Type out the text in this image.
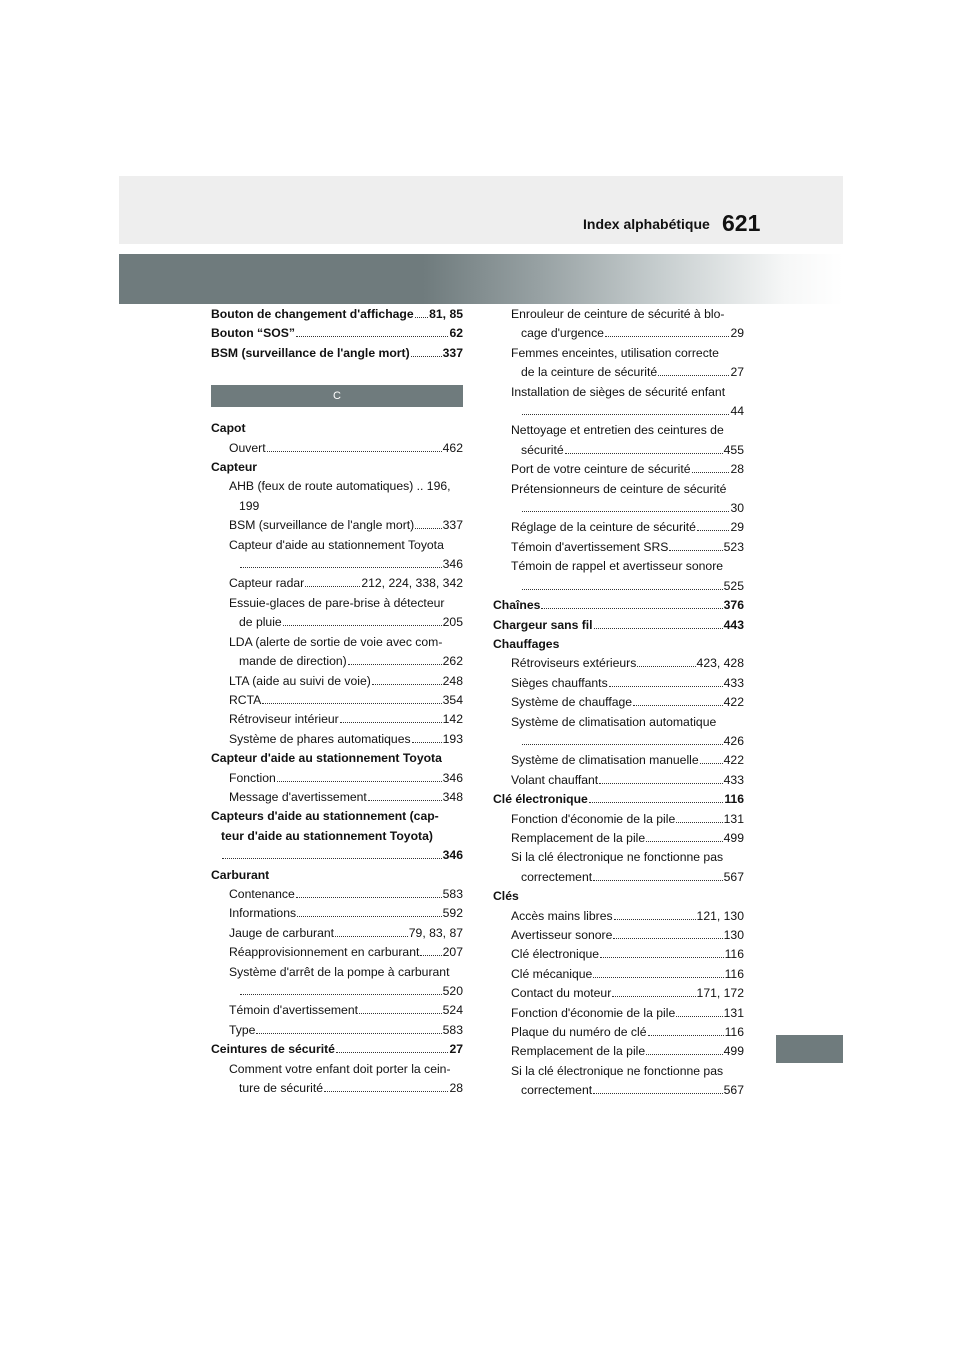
Index alphabétique 621
Bouton de changement d'affichage 81, 85
Bouton “SOS”	62
BSM (surveillance de l'angle mort)	337
C
Capot
Ouvert	462
Capteur
AHB (feux de route automatiques) .. 196,
199
BSM (surveillance de l'angle mort) 337
Capteur d'aide au stationnement Toyota
346
Capteur radar	212, 224, 338, 342
Essuie-glaces de pare-brise à détecteur
de pluie	205
LDA (alerte de sortie de voie avec com-
mande de direction)	262
LTA (aide au suivi de voie)	248
RCTA	354
Rétroviseur intérieur	142
Système de phares automatiques	193
Capteur d'aide au stationnement Toyota
Fonction	346
Message d'avertissement	348
Capteurs d'aide au stationnement (cap-
teur d'aide au stationnement Toyota)
346
Carburant
Contenance	583
Informations	592
Jauge de carburant	79, 83, 87
Réapprovisionnement en carburant 207
Système d'arrêt de la pompe à carburant
520
Témoin d'avertissement	524
Type	583
Ceintures de sécurité	27
Comment votre enfant doit porter la cein-
ture de sécurité	28
Enrouleur de ceinture de sécurité à blo-
cage d'urgence	29
Femmes enceintes, utilisation correcte
de la ceinture de sécurité	27
Installation de sièges de sécurité enfant
44
Nettoyage et entretien des ceintures de
sécurité	455
Port de votre ceinture de sécurité	28
Prétensionneurs de ceinture de sécurité
30
Réglage de la ceinture de sécurité	29
Témoin d'avertissement SRS	523
Témoin de rappel et avertisseur sonore
525
Chaînes	376
Chargeur sans fil	443
Chauffages
Rétroviseurs extérieurs	423, 428
Sièges chauffants	433
Système de chauffage	422
Système de climatisation automatique
426
Système de climatisation manuelle 422
Volant chauffant	433
Clé électronique	116
Fonction d'économie de la pile	131
Remplacement de la pile	499
Si la clé électronique ne fonctionne pas
correctement	567
Clés
Accès mains libres	121, 130
Avertisseur sonore	130
Clé électronique	116
Clé mécanique	116
Contact du moteur	171, 172
Fonction d'économie de la pile	131
Plaque du numéro de clé	116
Remplacement de la pile	499
Si la clé électronique ne fonctionne pas
correctement	567
